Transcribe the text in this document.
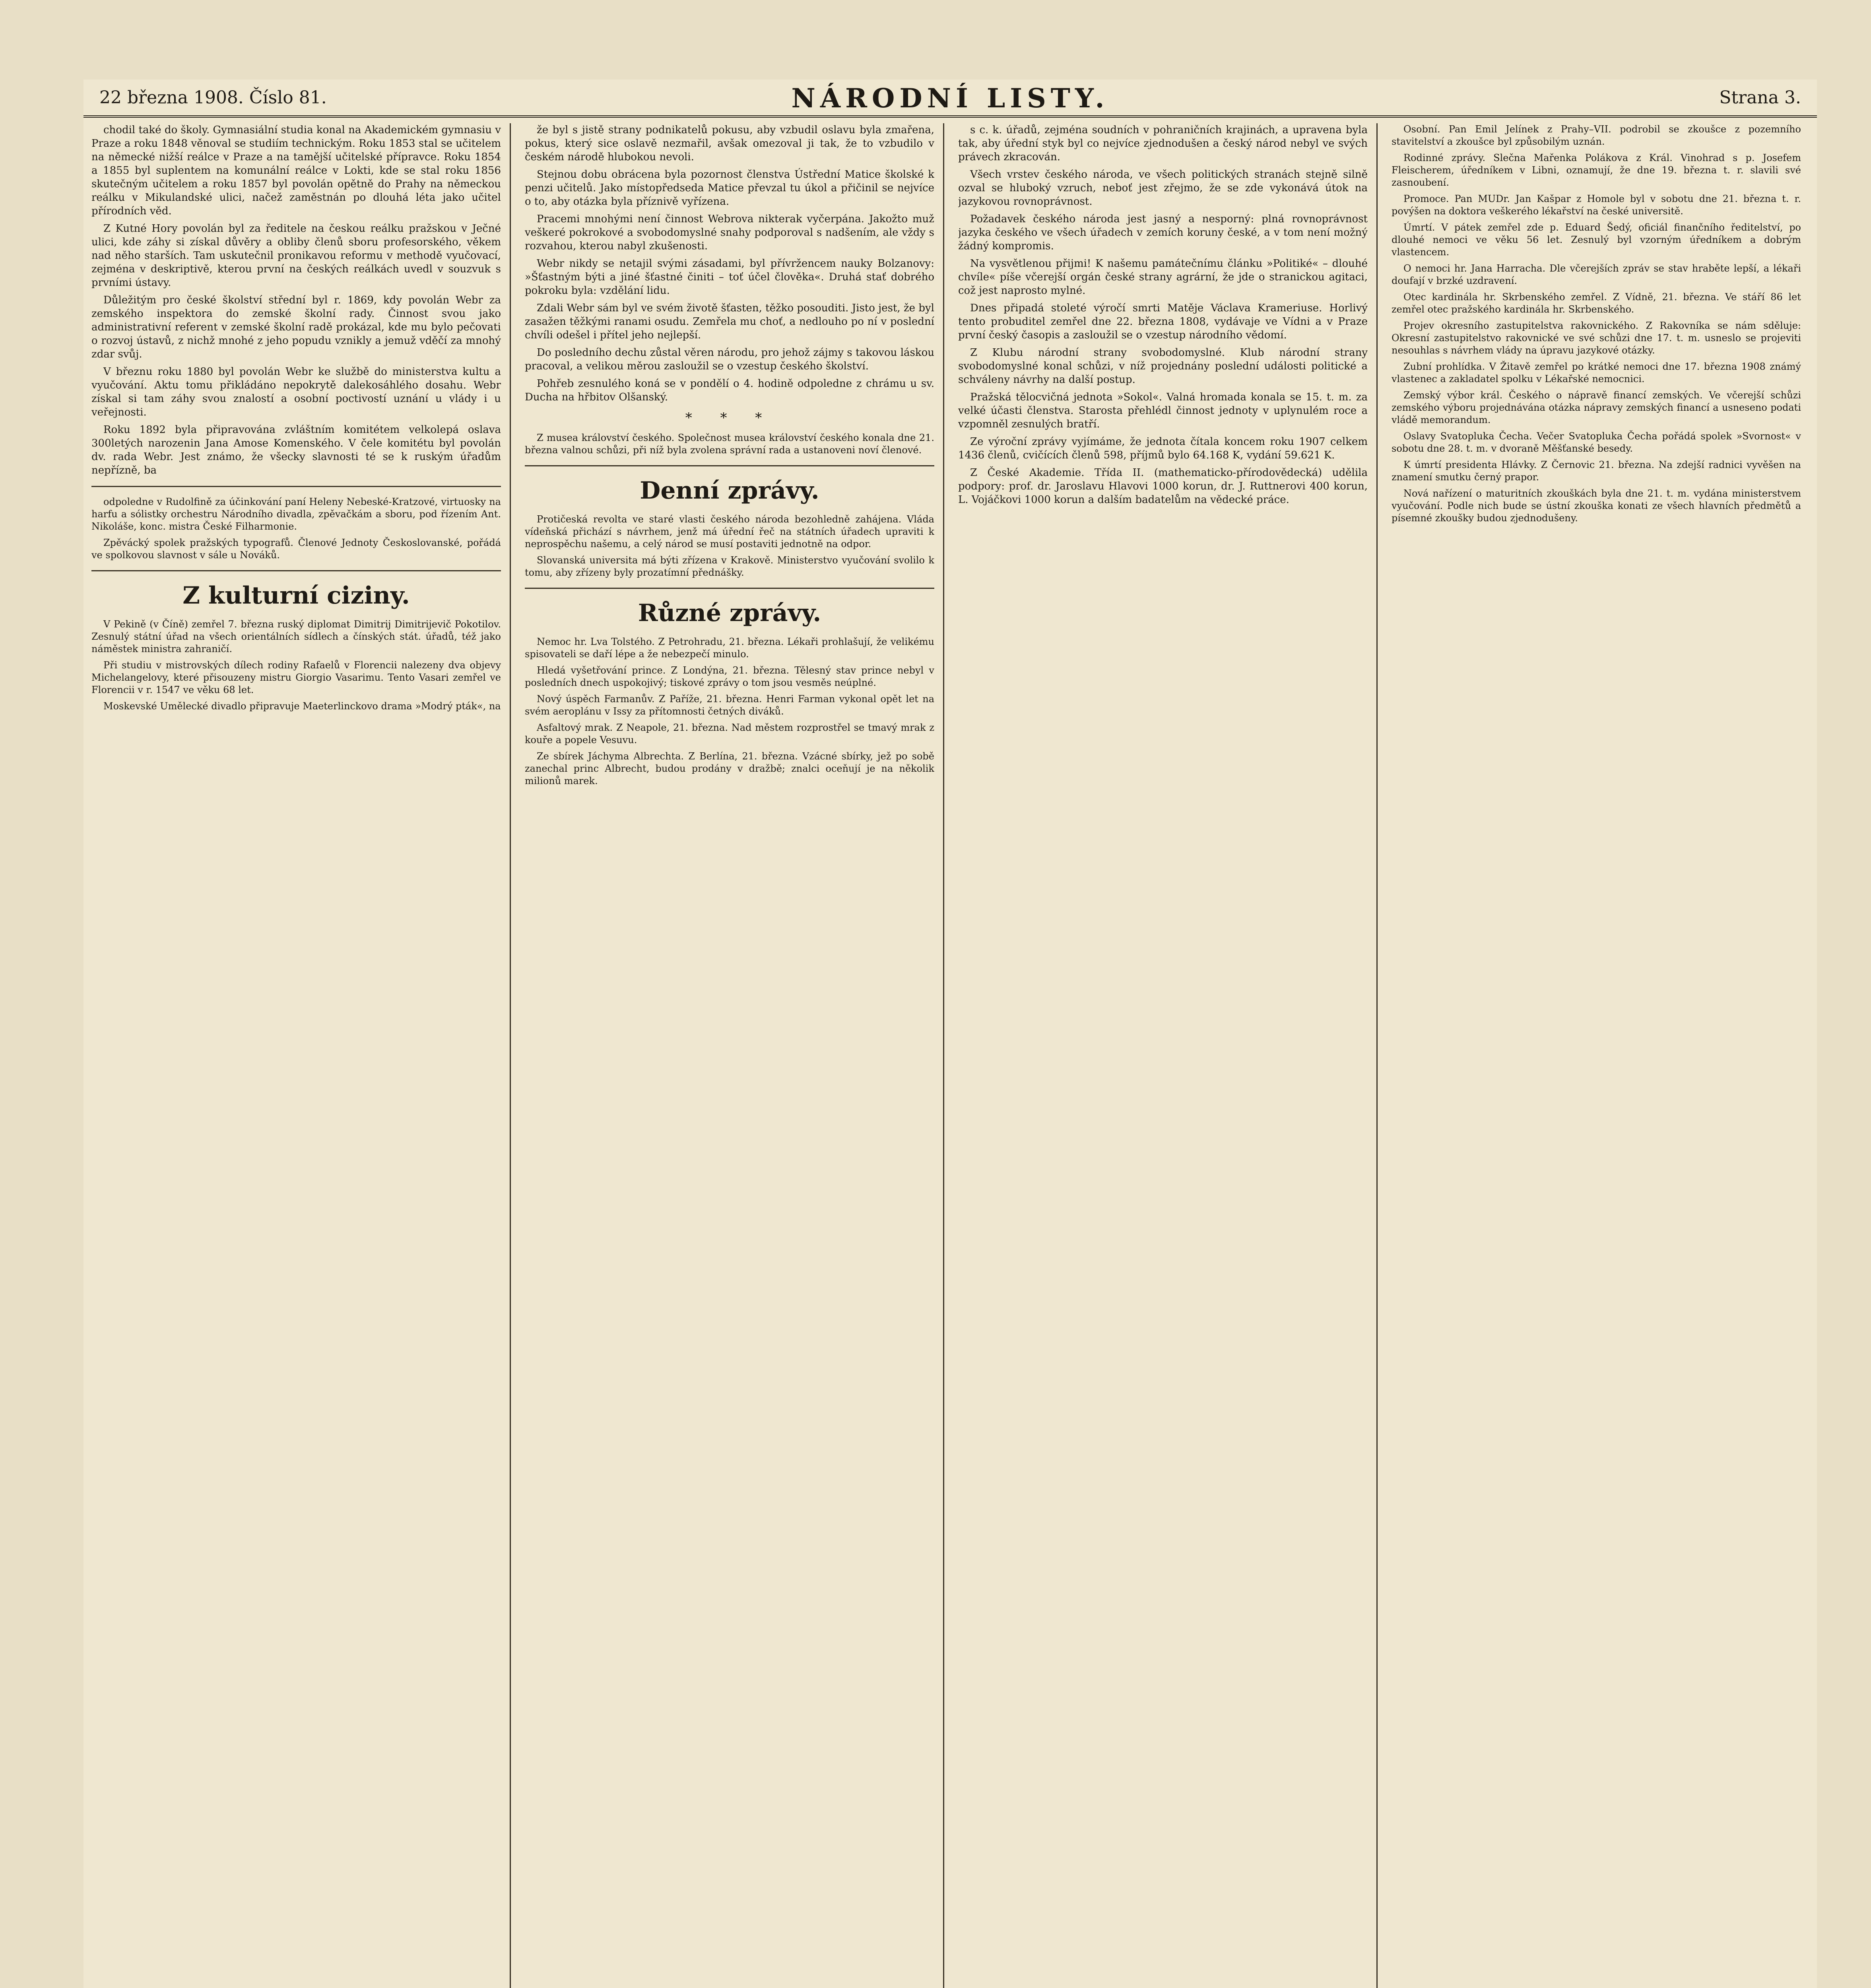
22 března 1908. Číslo 81.	NÁRODNÍ LISTY.	Strana 3.

chodil také do školy. Gymnasiální studia konal na Akademickém gymnasiu v Praze a roku 1848 věnoval se studiím technickým. Roku 1853 stal se učitelem na německé nižší reálce v Praze a na tamější učitelské přípravce. Roku 1854 a 1855 byl suplentem na komunální reálce v Lokti, kde se stal roku 1856 skutečným učitelem a roku 1857 byl povolán opětně do Prahy na německou reálku v Mikulandské ulici, načež zaměstnán po dlouhá léta jako učitel přírodních věd.

Z Kutné Hory povolán byl za ředitele na českou reálku pražskou v Ječné ulici, kde záhy si získal důvěry a obliby členů sboru profesorského, věkem nad něho starších. Tam uskutečnil pronikavou reformu v methodě vyučovací, zejména v deskriptivě, kterou první na českých reálkách uvedl v souzvuk s prvními ústavy.

Důležitým pro české školství střední byl r. 1869, kdy povolán Webr za zemského inspektora do zemské školní rady. Činnost svou jako administrativní referent v zemské školní radě prokázal, kde mu bylo pečovati o rozvoj ústavů, z nichž mnohé z jeho popudu vznikly a jemuž vděčí za mnohý zdar svůj.

V březnu roku 1880 byl povolán Webr ke službě do ministerstva kultu a vyučování. Aktu tomu přikládáno nepokrytě dalekosáhlého dosahu. Webr získal si tam záhy svou znalostí a osobní poctivostí uznání u vlády i u veřejnosti.

Roku 1892 byla připravována zvláštním komitétem velkolepá oslava 300letých narozenin Jana Amose Komenského. V čele komitétu byl povolán dv. rada Webr. Jest známo, že všecky slavnosti té se k ruským úřadům nepřízně, ba

odpoledne v Rudolfině za účinkování paní Heleny Nebeské-Kratzové, virtuosky na harfu a sólistky orchestru Národního divadla, zpěvačkám a sboru, pod řízením Ant. Nikoláše, konc. mistra České Filharmonie.

Zpěvácký spolek pražských typografů. Členové Jednoty Českoslovanské, pořádá ve spolkovou slavnost v sále u Nováků.

Z kulturní ciziny.

V Pekině (v Číně) zemřel 7. března ruský diplomat Dimitrij Dimitrijevič Pokotilov. Zesnulý státní úřad na všech orientálních sídlech a čínských stát. úřadů, též jako náměstek ministra zahraničí.

Při studiu v mistrovských dílech rodiny Rafaelů v Florencii nalezeny dva objevy Michelangelovy, které přisouzeny mistru Giorgio Vasarimu. Tento Vasari zemřel ve Florencii v r. 1547 ve věku 68 let.

Moskevské Umělecké divadlo připravuje Maeterlinckovo drama »Modrý pták«, na

že byl s jistě strany podnikatelů pokusu, aby vzbudil oslavu byla zmařena, pokus, který sice oslavě nezmařil, avšak omezoval ji tak, že to vzbudilo v českém národě hlubokou nevoli.

Stejnou dobu obrácena byla pozornost členstva Ústřední Matice školské k penzi učitelů. Jako místopředseda Matice převzal tu úkol a přičinil se nejvíce o to, aby otázka byla příznivě vyřízena.

Pracemi mnohými není činnost Webrova nikterak vyčerpána. Jakožto muž veškeré pokrokové a svobodomyslné snahy podporoval s nadšením, ale vždy s rozvahou, kterou nabyl zkušenosti.

Webr nikdy se netajil svými zásadami, byl přívržencem nauky Bolzanovy: »Šťastným býti a jiné šťastné činiti – toť účel člověka«. Druhá stať dobrého pokroku byla: vzdělání lidu.

Zdali Webr sám byl ve svém životě šťasten, těžko posouditi. Jisto jest, že byl zasažen těžkými ranami osudu. Zemřela mu choť, a nedlouho po ní v poslední chvíli odešel i přítel jeho nejlepší.

Do posledního dechu zůstal věren národu, pro jehož zájmy s takovou láskou pracoval, a velikou měrou zasloužil se o vzestup českého školství.

Pohřeb zesnulého koná se v pondělí o 4. hodině odpoledne z chrámu u sv. Ducha na hřbitov Olšanský.

* * *

Z musea království českého. Společnost musea království českého konala dne 21. března valnou schůzi, při níž byla zvolena správní rada a ustanoveni noví členové.

Denní zprávy.

Protičeská revolta ve staré vlasti českého národa bezohledně zahájena. Vláda vídeňská přichází s návrhem, jenž má úřední řeč na státních úřadech upraviti k neprospěchu našemu, a celý národ se musí postaviti jednotně na odpor.

Slovanská universita má býti zřízena v Krakově. Ministerstvo vyučování svolilo k tomu, aby zřízeny byly prozatímní přednášky.

Různé zprávy.

Nemoc hr. Lva Tolstého. Z Petrohradu, 21. března. Lékaři prohlašují, že velikému spisovateli se daří lépe a že nebezpečí minulo.

Hledá vyšetřování prince. Z Londýna, 21. března. Tělesný stav prince nebyl v posledních dnech uspokojivý; tiskové zprávy o tom jsou vesměs neúplné.

Nový úspěch Farmanův. Z Paříže, 21. března. Henri Farman vykonal opět let na svém aeroplánu v Issy za přítomnosti četných diváků.

Asfaltový mrak. Z Neapole, 21. března. Nad městem rozprostřel se tmavý mrak z kouře a popele Vesuvu.

Ze sbírek Jáchyma Albrechta. Z Berlína, 21. března. Vzácné sbírky, jež po sobě zanechal princ Albrecht, budou prodány v dražbě; znalci oceňují je na několik milionů marek.

s c. k. úřadů, zejména soudních v pohraničních krajinách, a upravena byla tak, aby úřední styk byl co nejvíce zjednodušen a český národ nebyl ve svých právech zkracován.

Všech vrstev českého národa, ve všech politických stranách stejně silně ozval se hluboký vzruch, neboť jest zřejmo, že se zde vykonává útok na jazykovou rovnoprávnost.

Požadavek českého národa jest jasný a nesporný: plná rovnoprávnost jazyka českého ve všech úřadech v zemích koruny české, a v tom není možný žádný kompromis.

Na vysvětlenou přijmi! K našemu památečnímu článku »Politiké« – dlouhé chvíle« píše včerejší orgán české strany agrární, že jde o stranickou agitaci, což jest naprosto mylné.

Dnes připadá stoleté výročí smrti Matěje Václava Krameriuse. Horlivý tento probuditel zemřel dne 22. března 1808, vydávaje ve Vídni a v Praze první český časopis a zasloužil se o vzestup národního vědomí.

Z Klubu národní strany svobodomyslné. Klub národní strany svobodomyslné konal schůzi, v níž projednány poslední události politické a schváleny návrhy na další postup.

Pražská tělocvičná jednota »Sokol«. Valná hromada konala se 15. t. m. za velké účasti členstva. Starosta přehlédl činnost jednoty v uplynulém roce a vzpomněl zesnulých bratří.

Ze výroční zprávy vyjímáme, že jednota čítala koncem roku 1907 celkem 1436 členů, cvičících členů 598, příjmů bylo 64.168 K, vydání 59.621 K.

Z České Akademie. Třída II. (mathematicko-přírodovědecká) udělila podpory: prof. dr. Jaroslavu Hlavovi 1000 korun, dr. J. Ruttnerovi 400 korun, L. Vojáčkovi 1000 korun a dalším badatelům na vědecké práce.

Osobní. Pan Emil Jelínek z Prahy–VII. podrobil se zkoušce z pozemního stavitelství a zkoušce byl způsobilým uznán.

Rodinné zprávy. Slečna Mařenka Polákova z Král. Vinohrad s p. Josefem Fleischerem, úředníkem v Libni, oznamují, že dne 19. března t. r. slavili své zasnoubení.

Promoce. Pan MUDr. Jan Kašpar z Homole byl v sobotu dne 21. března t. r. povýšen na doktora veškerého lékařství na české universitě.

Úmrtí. V pátek zemřel zde p. Eduard Šedý, oficiál finančního ředitelství, po dlouhé nemoci ve věku 56 let. Zesnulý byl vzorným úředníkem a dobrým vlastencem.

O nemoci hr. Jana Harracha. Dle včerejších zpráv se stav hraběte lepší, a lékaři doufají v brzké uzdravení.

Otec kardinála hr. Skrbenského zemřel. Z Vídně, 21. března. Ve stáří 86 let zemřel otec pražského kardinála hr. Skrbenského.

Projev okresního zastupitelstva rakovnického. Z Rakovníka se nám sděluje: Okresní zastupitelstvo rakovnické ve své schůzi dne 17. t. m. usneslo se projeviti nesouhlas s návrhem vlády na úpravu jazykové otázky.

Zubní prohlídka. V Žitavě zemřel po krátké nemoci dne 17. března 1908 známý vlastenec a zakladatel spolku v Lékařské nemocnici.

Zemský výbor král. Českého o nápravě financí zemských. Ve včerejší schůzi zemského výboru projednávána otázka nápravy zemských financí a usneseno podati vládě memorandum.

Oslavy Svatopluka Čecha. Večer Svatopluka Čecha pořádá spolek »Svornost« v sobotu dne 28. t. m. v dvoraně Měšťanské besedy.

K úmrtí presidenta Hlávky. Z Černovic 21. března. Na zdejší radnici vyvěšen na znamení smutku černý prapor.

Nová nařízení o maturitních zkouškách byla dne 21. t. m. vydána ministerstvem vyučování. Podle nich bude se ústní zkouška konati ze všech hlavních předmětů a písemné zkoušky budou zjednodušeny.
